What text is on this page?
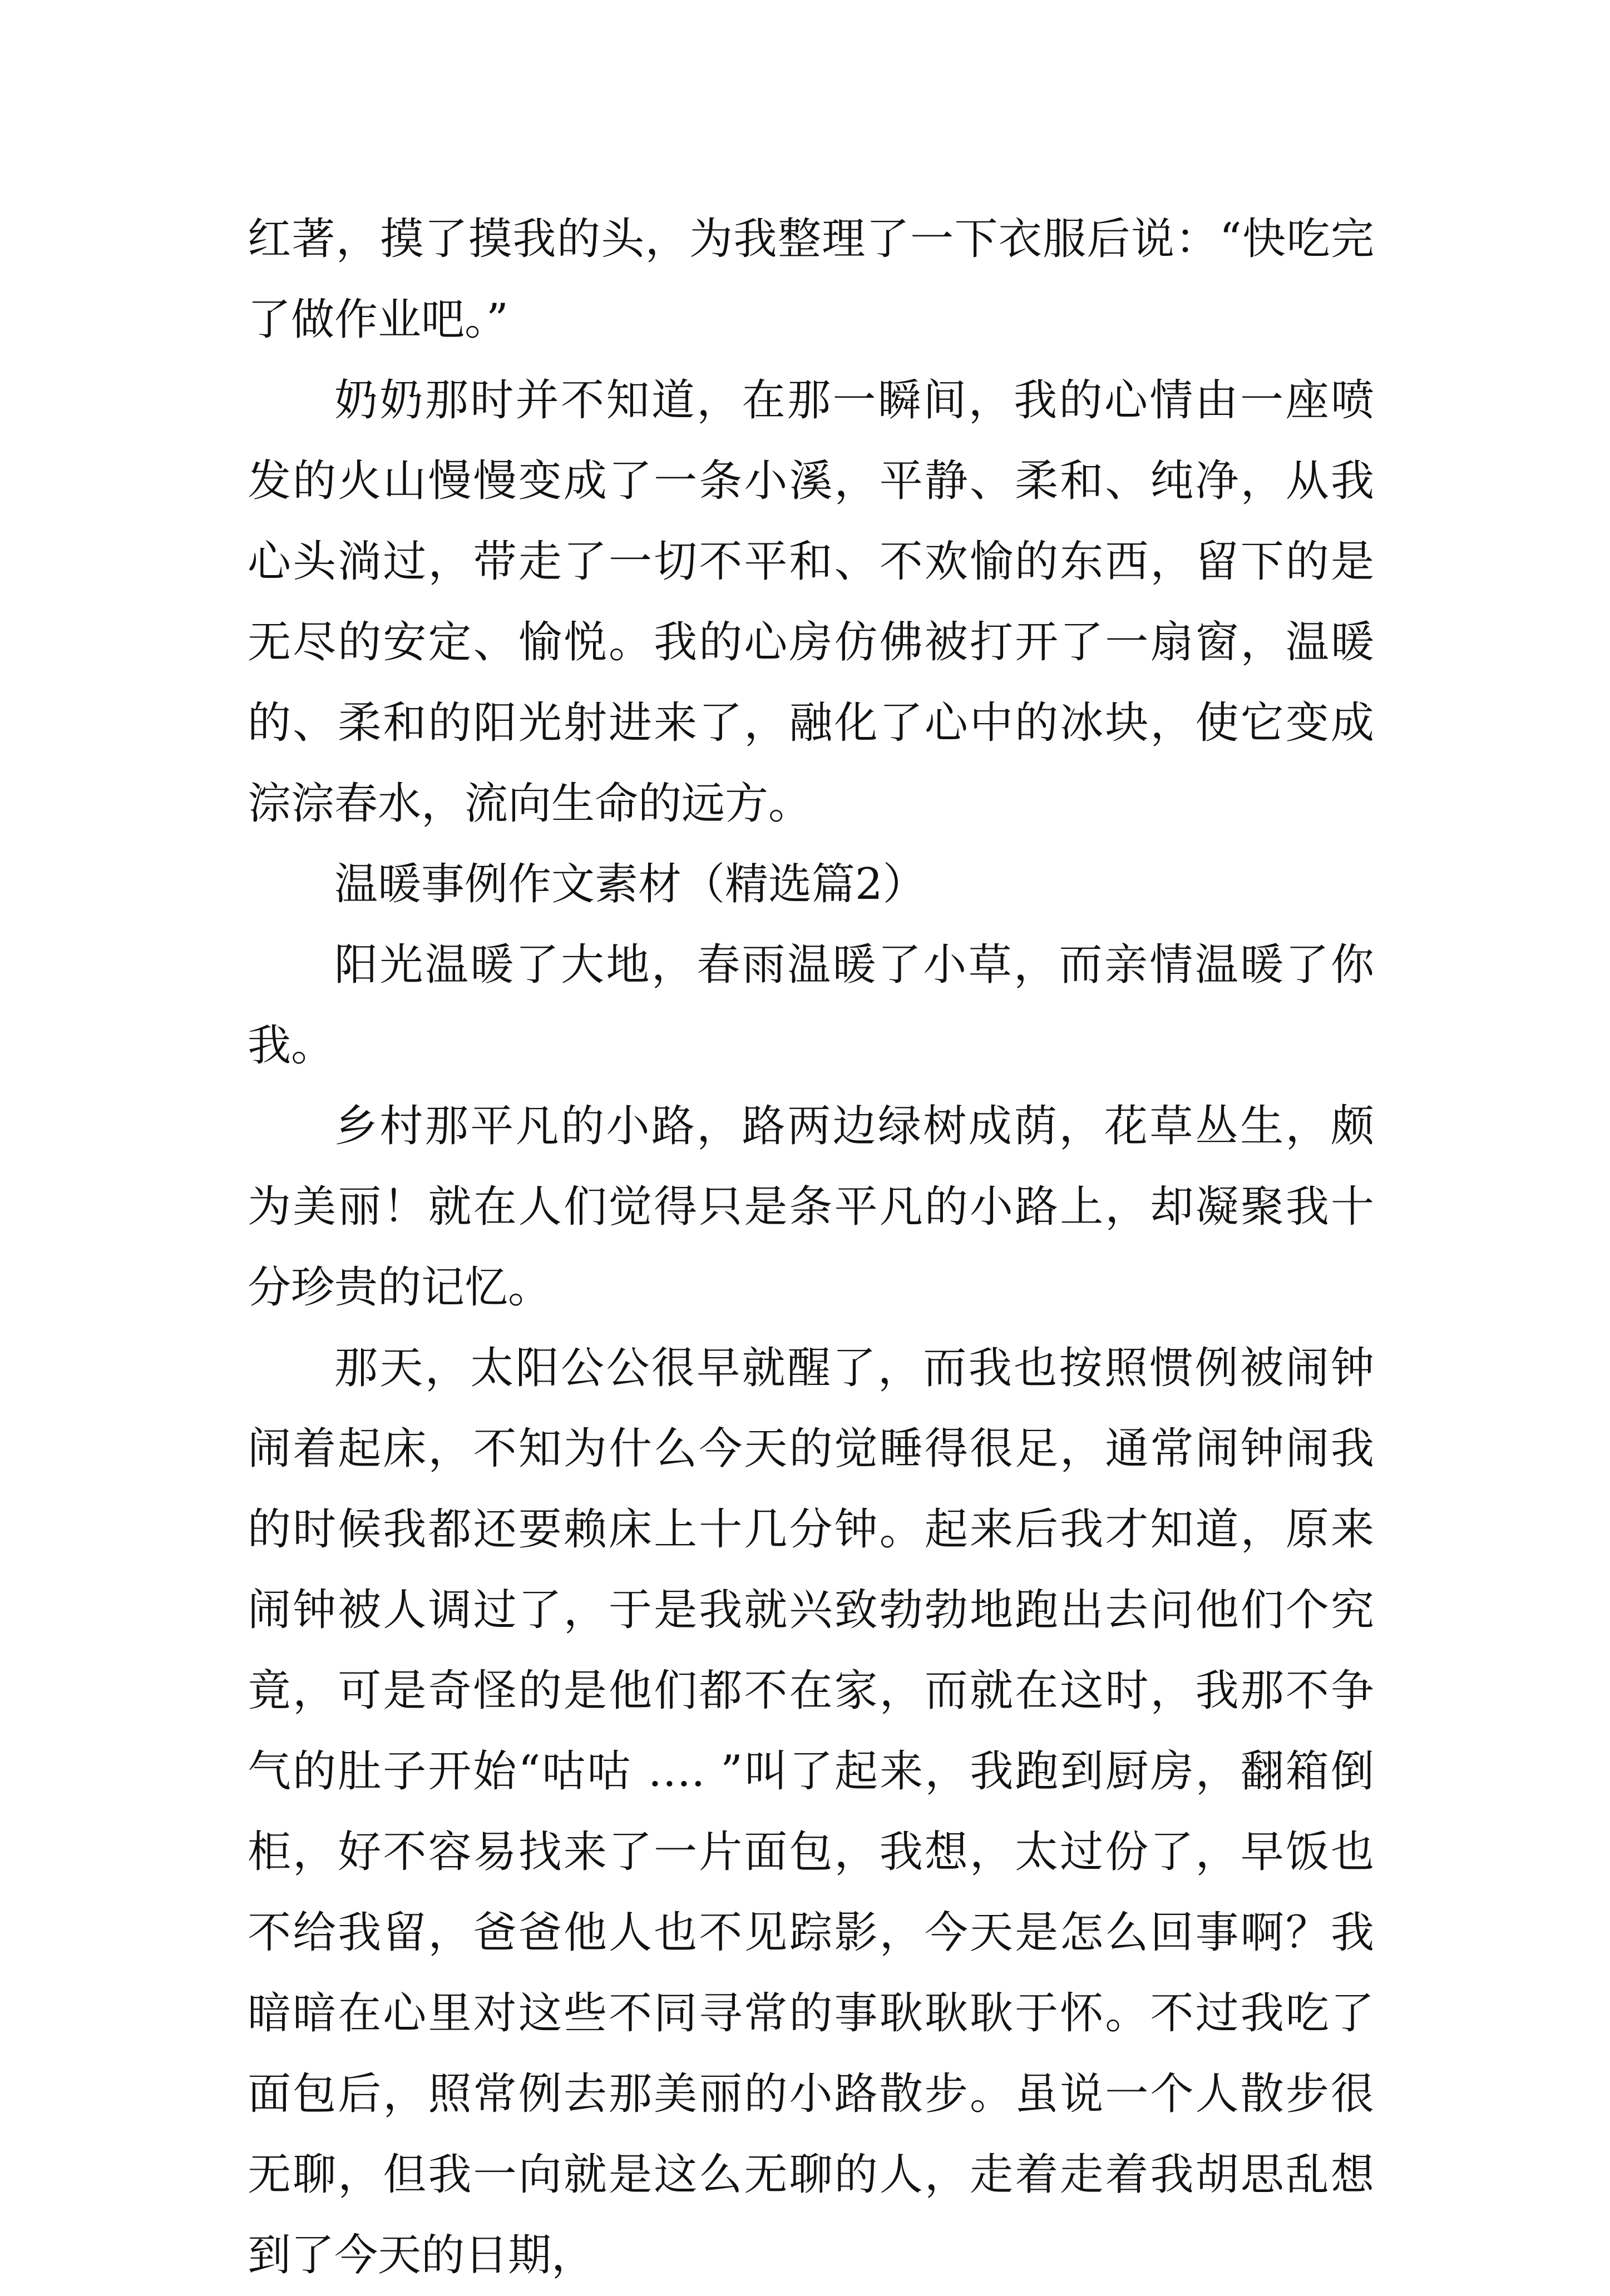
红著，摸了摸我的头，为我整理了一下衣服后说：“快吃完了做作业吧。”

奶奶那时并不知道，在那一瞬间，我的心情由一座喷发的火山慢慢变成了一条小溪，平静、柔和、纯净，从我心头淌过，带走了一切不平和、不欢愉的东西，留下的是无尽的安定、愉悦。我的心房仿佛被打开了一扇窗，温暖的、柔和的阳光射进来了，融化了心中的冰块，使它变成淙淙春水，流向生命的远方。

温暖事例作文素材（精选篇2）

阳光温暖了大地，春雨温暖了小草，而亲情温暖了你我。

乡村那平凡的小路，路两边绿树成荫，花草丛生，颇为美丽！就在人们觉得只是条平凡的小路上，却凝聚我十分珍贵的记忆。

那天，太阳公公很早就醒了，而我也按照惯例被闹钟闹着起床，不知为什么今天的觉睡得很足，通常闹钟闹我的时候我都还要赖床上十几分钟。起来后我才知道，原来闹钟被人调过了，于是我就兴致勃勃地跑出去问他们个究竟，可是奇怪的是他们都不在家，而就在这时，我那不争气的肚子开始“咕咕 …. ”叫了起来，我跑到厨房，翻箱倒柜，好不容易找来了一片面包，我想，太过份了，早饭也不给我留，爸爸他人也不见踪影，今天是怎么回事啊？我暗暗在心里对这些不同寻常的事耿耿耿于怀。不过我吃了面包后，照常例去那美丽的小路散步。虽说一个人散步很无聊，但我一向就是这么无聊的人，走着走着我胡思乱想到了今天的日期，
